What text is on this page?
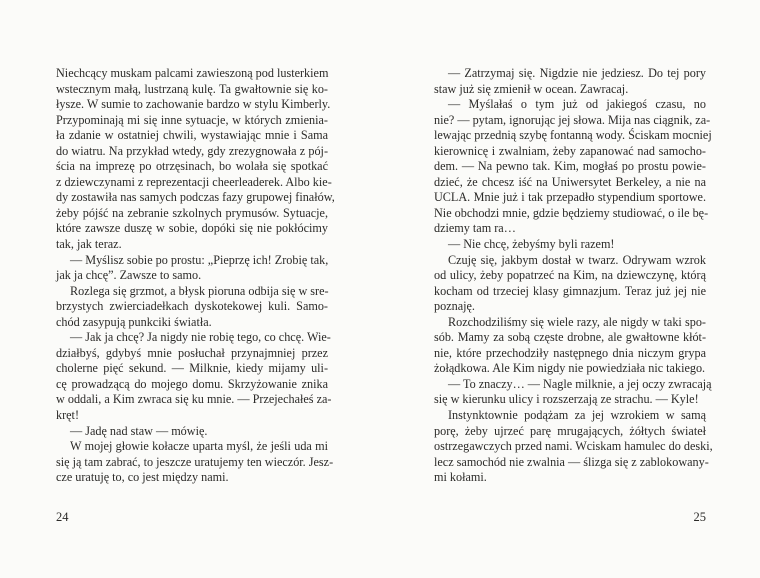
Niechcący muskam palcami zawieszoną pod lusterkiem
wstecznym małą, lustrzaną kulę. Ta gwałtownie się ko-
łysze. W sumie to zachowanie bardzo w stylu Kimberly.
Przypominają mi się inne sytuacje, w których zmienia-
ła zdanie w ostatniej chwili, wystawiając mnie i Sama
do wiatru. Na przykład wtedy, gdy zrezygnowała z pój-
ścia na imprezę po otrzęsinach, bo wolała się spotkać
z dziewczynami z reprezentacji cheerleaderek. Albo kie-
dy zostawiła nas samych podczas fazy grupowej finałów,
żeby pójść na zebranie szkolnych prymusów. Sytuacje,
które zawsze duszę w sobie, dopóki się nie pokłócimy
tak, jak teraz.
— Myślisz sobie po prostu: „Pieprzę ich! Zrobię tak,
jak ja chcę”. Zawsze to samo.
Rozlega się grzmot, a błysk pioruna odbija się w sre-
brzystych zwierciadełkach dyskotekowej kuli. Samo-
chód zasypują punkciki światła.
— Jak ja chcę? Ja nigdy nie robię tego, co chcę. Wie-
działbyś, gdybyś mnie posłuchał przynajmniej przez
cholerne pięć sekund. — Milknie, kiedy mijamy uli-
cę prowadzącą do mojego domu. Skrzyżowanie znika
w oddali, a Kim zwraca się ku mnie. — Przejechałeś za-
kręt!
— Jadę nad staw — mówię.
W mojej głowie kołacze uparta myśl, że jeśli uda mi
się ją tam zabrać, to jeszcze uratujemy ten wieczór. Jesz-
cze uratuję to, co jest między nami.
24
— Zatrzymaj się. Nigdzie nie jedziesz. Do tej pory
staw już się zmienił w ocean. Zawracaj.
— Myślałaś o tym już od jakiegoś czasu, no
nie? — pytam, ignorując jej słowa. Mija nas ciągnik, za-
lewając przednią szybę fontanną wody. Ściskam mocniej
kierownicę i zwalniam, żeby zapanować nad samocho-
dem. — Na pewno tak. Kim, mogłaś po prostu powie-
dzieć, że chcesz iść na Uniwersytet Berkeley, a nie na
UCLA. Mnie już i tak przepadło stypendium sportowe.
Nie obchodzi mnie, gdzie będziemy studiować, o ile bę-
dziemy tam ra…
— Nie chcę, żebyśmy byli razem!
Czuję się, jakbym dostał w twarz. Odrywam wzrok
od ulicy, żeby popatrzeć na Kim, na dziewczynę, którą
kocham od trzeciej klasy gimnazjum. Teraz już jej nie
poznaję.
Rozchodziliśmy się wiele razy, ale nigdy w taki spo-
sób. Mamy za sobą częste drobne, ale gwałtowne kłót-
nie, które przechodziły następnego dnia niczym grypa
żołądkowa. Ale Kim nigdy nie powiedziała nic takiego.
— To znaczy… — Nagle milknie, a jej oczy zwracają
się w kierunku ulicy i rozszerzają ze strachu. — Kyle!
Instynktownie podążam za jej wzrokiem w samą
porę, żeby ujrzeć parę mrugających, żółtych świateł
ostrzegawczych przed nami. Wciskam hamulec do deski,
lecz samochód nie zwalnia — ślizga się z zablokowany-
mi kołami.
25
